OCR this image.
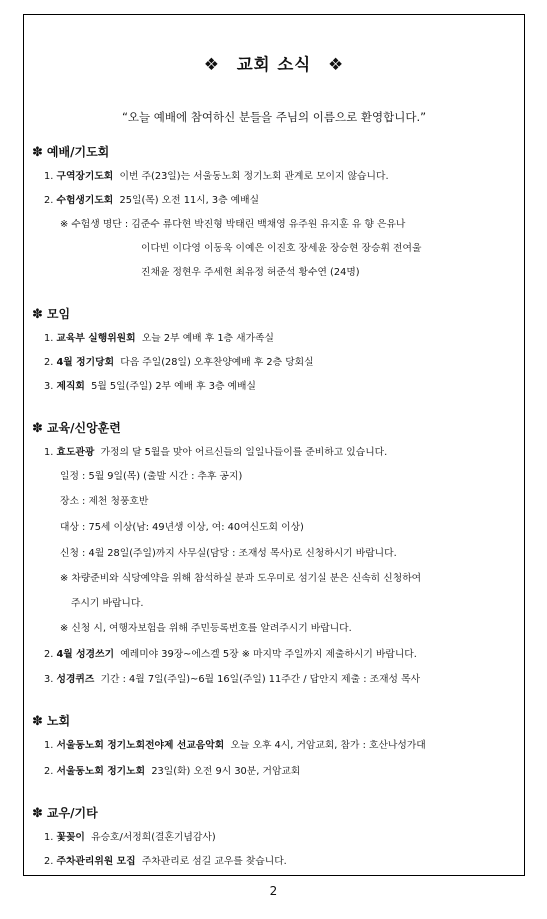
❖ 교회 소식 ❖
“오늘 예배에 참여하신 분들을 주님의 이름으로 환영합니다.”
✽ 예배/기도회
1. 구역장기도회 이번 주(23일)는 서울동노회 정기노회 관계로 모이지 않습니다.
2. 수험생기도회 25일(목) 오전 11시, 3층 예배실
※ 수험생 명단 : 김준수 류다현 박진형 박태린 백채영 유주원 유지훈 유 향 은유나
이다빈 이다영 이동욱 이예은 이진호 장세윤 장승현 장승휘 전여울
진채윤 정현우 주세현 최유정 허준석 황수연 (24명)
✽ 모임
1. 교육부 실행위원회 오늘 2부 예배 후 1층 새가족실
2. 4월 정기당회 다음 주일(28일) 오후찬양예배 후 2층 당회실
3. 제직회 5월 5일(주일) 2부 예배 후 3층 예배실
✽ 교육/신앙훈련
1. 효도관광 가정의 달 5월을 맞아 어르신들의 일일나들이를 준비하고 있습니다.
일정 : 5월 9일(목) (출발 시간 : 추후 공지)
장소 : 제천 청풍호반
대상 : 75세 이상(남: 49년생 이상, 여: 40여신도회 이상)
신청 : 4월 28일(주일)까지 사무실(담당 : 조재성 목사)로 신청하시기 바랍니다.
※ 차량준비와 식당예약을 위해 참석하실 분과 도우미로 섬기실 분은 신속히 신청하여
주시기 바랍니다.
※ 신청 시, 여행자보험을 위해 주민등록번호를 알려주시기 바랍니다.
2. 4월 성경쓰기 예레미야 39장~에스겔 5장 ※ 마지막 주일까지 제출하시기 바랍니다.
3. 성경퀴즈 기간 : 4월 7일(주일)~6월 16일(주일) 11주간 / 답안지 제출 : 조재성 목사
✽ 노회
1. 서울동노회 정기노회전야제 선교음악회 오늘 오후 4시, 거암교회, 참가 : 호산나성가대
2. 서울동노회 정기노회 23일(화) 오전 9시 30분, 거암교회
✽ 교우/기타
1. 꽃꽂이 유승호/서정희(결혼기념감사)
2. 주차관리위원 모집 주차관리로 섬길 교우를 찾습니다.
2
